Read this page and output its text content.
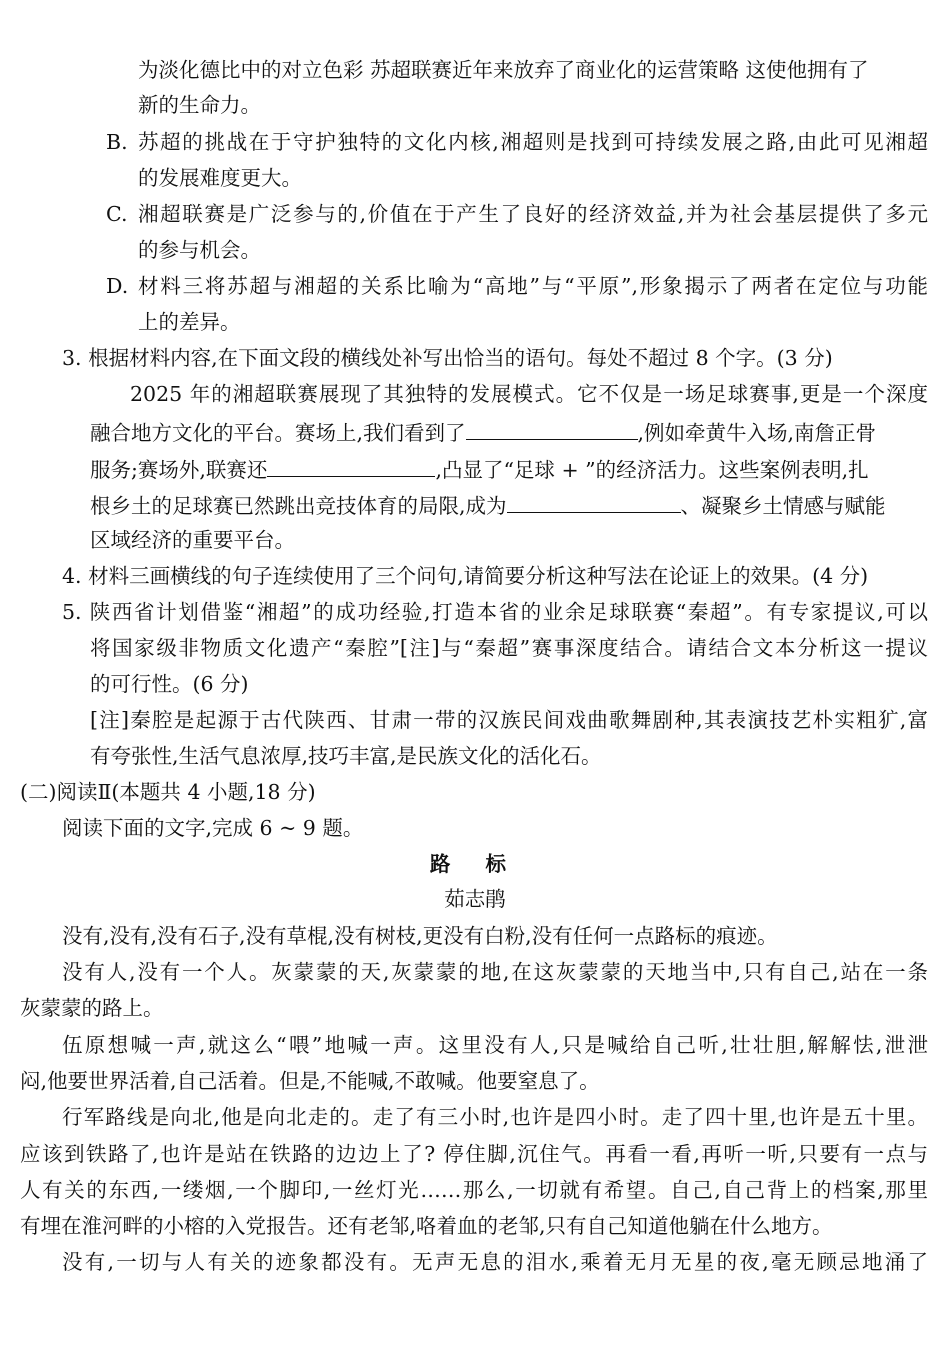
为淡化德比中的对立色彩 苏超联赛近年来放弃了商业化的运营策略 这使他拥有了
新的生命力。
B. 苏超的挑战在于守护独特的文化内核,湘超则是找到可持续发展之路,由此可见湘超
的发展难度更大。
C. 湘超联赛是广泛参与的,价值在于产生了良好的经济效益,并为社会基层提供了多元
的参与机会。
D. 材料三将苏超与湘超的关系比喻为“高地”与“平原”,形象揭示了两者在定位与功能
上的差异。
3. 根据材料内容,在下面文段的横线处补写出恰当的语句。每处不超过 8 个字。(3 分)
2025 年的湘超联赛展现了其独特的发展模式。它不仅是一场足球赛事,更是一个深度
融合地方文化的平台。赛场上,我们看到了	,例如牵黄牛入场,南詹正骨
服务;赛场外,联赛还	,凸显了“足球 + ”的经济活力。这些案例表明,扎
根乡土的足球赛已然跳出竞技体育的局限,成为	、凝聚乡土情感与赋能
区域经济的重要平台。
4. 材料三画横线的句子连续使用了三个问句,请简要分析这种写法在论证上的效果。(4 分)
5. 陕西省计划借鉴“湘超”的成功经验,打造本省的业余足球联赛“秦超”。有专家提议,可以
将国家级非物质文化遗产“秦腔”[注]与“秦超”赛事深度结合。请结合文本分析这一提议
的可行性。(6 分)
[注]秦腔是起源于古代陕西、甘肃一带的汉族民间戏曲歌舞剧种,其表演技艺朴实粗犷,富
有夸张性,生活气息浓厚,技巧丰富,是民族文化的活化石。
(二)阅读Ⅱ(本题共 4 小题,18 分)
阅读下面的文字,完成 6 ~ 9 题。
路 标
茹志鹃
没有,没有,没有石子,没有草棍,没有树枝,更没有白粉,没有任何一点路标的痕迹。
没有人,没有一个人。灰蒙蒙的天,灰蒙蒙的地,在这灰蒙蒙的天地当中,只有自己,站在一条
灰蒙蒙的路上。
伍原想喊一声,就这么“喂”地喊一声。这里没有人,只是喊给自己听,壮壮胆,解解怯,泄泄
闷,他要世界活着,自己活着。但是,不能喊,不敢喊。他要窒息了。
行军路线是向北,他是向北走的。走了有三小时,也许是四小时。走了四十里,也许是五十里。
应该到铁路了,也许是站在铁路的边边上了? 停住脚,沉住气。再看一看,再听一听,只要有一点与
人有关的东西,一缕烟,一个脚印,一丝灯光……那么,一切就有希望。自己,自己背上的档案,那里
有埋在淮河畔的小榕的入党报告。还有老邹,咯着血的老邹,只有自己知道他躺在什么地方。
没有,一切与人有关的迹象都没有。无声无息的泪水,乘着无月无星的夜,毫无顾忌地涌了
